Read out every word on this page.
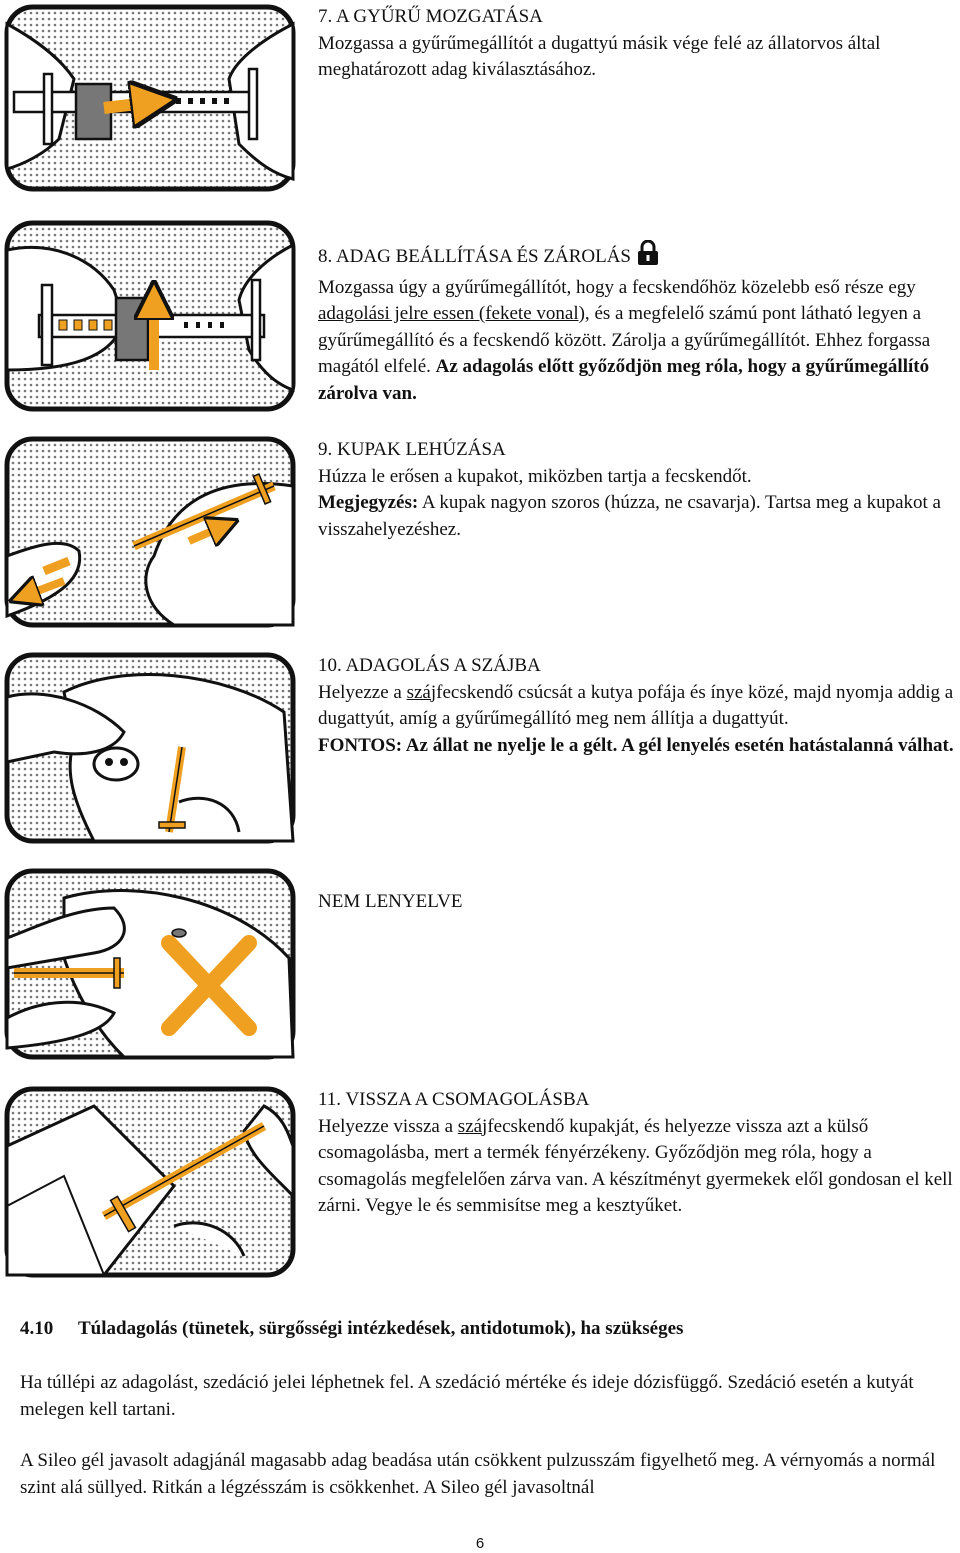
7. A GYŰRŰ MOZGATÁSA

Mozgassa a gyűrűmegállítót a dugattyú másik vége felé az állatorvos által meghatározott adag kiválasztásához.

8. ADAG BEÁLLÍTÁSA ÉS ZÁROLÁS

Mozgassa úgy a gyűrűmegállítót, hogy a fecskendőhöz közelebb eső része egy adagolási jelre essen (fekete vonal), és a megfelelő számú pont látható legyen a gyűrűmegállító és a fecskendő között. Zárolja a gyűrűmegállítót. Ehhez forgassa magától elfelé. Az adagolás előtt győződjön meg róla, hogy a gyűrűmegállító zárolva van.

9. KUPAK LEHÚZÁSA

Húzza le erősen a kupakot, miközben tartja a fecskendőt.

Megjegyzés: A kupak nagyon szoros (húzza, ne csavarja). Tartsa meg a kupakot a visszahelyezéshez.

10. ADAGOLÁS A SZÁJBA

Helyezze a szájfecskendő csúcsát a kutya pofája és ínye közé, majd nyomja addig a dugattyút, amíg a gyűrűmegállító meg nem állítja a dugattyút.

FONTOS: Az állat ne nyelje le a gélt. A gél lenyelés esetén hatástalanná válhat.

NEM LENYELVE

11. VISSZA A CSOMAGOLÁSBA

Helyezze vissza a szájfecskendő kupakját, és helyezze vissza azt a külső csomagolásba, mert a termék fényérzékeny. Győződjön meg róla, hogy a csomagolás megfelelően zárva van. A készítményt gyermekek elől gondosan el kell zárni. Vegye le és semmisítse meg a kesztyűket.

4.10 Túladagolás (tünetek, sürgősségi intézkedések, antidotumok), ha szükséges

Ha túllépi az adagolást, szedáció jelei léphetnek fel. A szedáció mértéke és ideje dózisfüggő. Szedáció esetén a kutyát melegen kell tartani.

A Sileo gél javasolt adagjánál magasabb adag beadása után csökkent pulzusszám figyelhető meg. A vérnyomás a normál szint alá süllyed. Ritkán a légzésszám is csökkenhet. A Sileo gél javasoltnál

6
